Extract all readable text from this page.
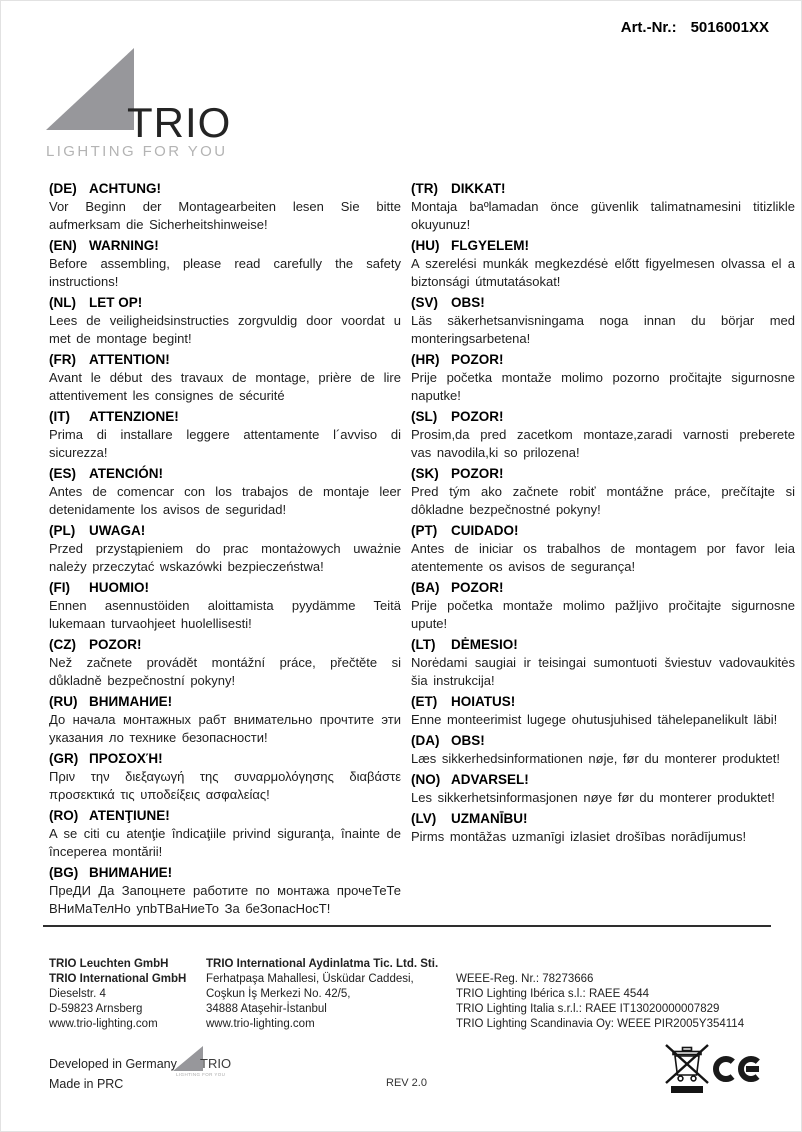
Art.-Nr.: 5016001XX
TRIO
LIGHTING FOR YOU
(DE) ACHTUNG!

Vor Beginn der Montagearbeiten lesen Sie bitte aufmerksam die Sicherheitshinweise!

(EN) WARNING!

Before assembling, please read carefully the safety instructions!

(NL) LET OP!

Lees de veiligheidsinstructies zorgvuldig door voordat u met de montage begint!

(FR) ATTENTION!

Avant le début des travaux de montage, prière de lire attentivement les consignes de sécurité

(IT) ATTENZIONE!

Prima di installare leggere attentamente l´avviso di sicurezza!

(ES) ATENCIÓN!

Antes de comencar con los trabajos de montaje leer detenidamente los avisos de seguridad!

(PL) UWAGA!

Przed przystąpieniem do prac montażowych uważnie należy przeczytać wskazówki bezpieczeństwa!

(FI) HUOMIO!

Ennen asennustöiden aloittamista pyydämme Teitä lukemaan turvaohjeet huolellisesti!

(CZ) POZOR!

Než začnete provádět montážní práce, přečtěte si důkladně bezpečnostní pokyny!

(RU) ВНИМАНИЕ!

До начала монтажных рабт внимательно прочтите эти указания ло технике безопасности!

(GR) ΠΡΟΣΟΧΉ!

Πριν την διεξαγωγή της συναρμολόγησης διαβάστε προσεκτικά τις υποδείξεις ασφαλείας!

(RO) ATENŢIUNE!

A se citi cu atenţie îndicaţiile privind siguranţa, înainte de începerea montării!

(BG) ВНИМАНИЕ!

ПреДИ Да Запоцнете работите по монтажа прочеТеТе ВНиМаТелНо упbТВаНиеТо За беЗопасНосТ!

(TR) DIKKAT!

Montaja baºlamadan önce güvenlik talimatnamesini titizlikle okuyunuz!

(HU) FLGYELEM!

A szerelési munkák megkezdésė előtt figyelmesen olvassa el a biztonsági útmutatásokat!

(SV) OBS!

Läs säkerhetsanvisningama noga innan du börjar med monteringsarbetena!

(HR) POZOR!

Prije početka montaže molimo pozorno pročitajte sigurnosne naputke!

(SL) POZOR!

Prosim,da pred zacetkom montaze,zaradi varnosti preberete vas navodila,ki so prilozena!

(SK) POZOR!

Pred tým ako začnete robiť montážne práce, prečítajte si dôkladne bezpečnostné pokyny!

(PT) CUIDADO!

Antes de iniciar os trabalhos de montagem por favor leia atentemente os avisos de segurança!

(BA) POZOR!

Prije početka montaže molimo pažljivo pročitajte sigurnosne upute!

(LT) DĖMESIO!

Norėdami saugiai ir teisingai sumontuoti šviestuv vadovaukitės šia instrukcija!

(ET) HOIATUS!

Enne monteerimist lugege ohutusjuhised tähelepanelikult läbi!

(DA) OBS!

Læs sikkerhedsinformationen nøje, før du monterer produktet!

(NO) ADVARSEL!

Les sikkerhetsinformasjonen nøye før du monterer produktet!

(LV) UZMANĪBU!

Pirms montāžas uzmanīgi izlasiet drošības norādījumus!

TRIO Leuchten GmbH
TRIO International GmbH
Dieselstr. 4
D-59823 Arnsberg
www.trio-lighting.com
TRIO International Aydinlatma Tic. Ltd. Sti.
Ferhatpaşa Mahallesi, Üsküdar Caddesi,
Coşkun İş Merkezi No. 42/5,
34888 Ataşehir-İstanbul
www.trio-lighting.com
WEEE-Reg. Nr.: 78273666
TRIO Lighting Ibérica s.l.: RAEE 4544
TRIO Lighting Italia s.r.l.: RAEE IT13020000007829
TRIO Lighting Scandinavia Oy: WEEE PIR2005Y354114
Developed in Germany
Made in PRC
TRIO
LIGHTING FOR YOU
REV 2.0
